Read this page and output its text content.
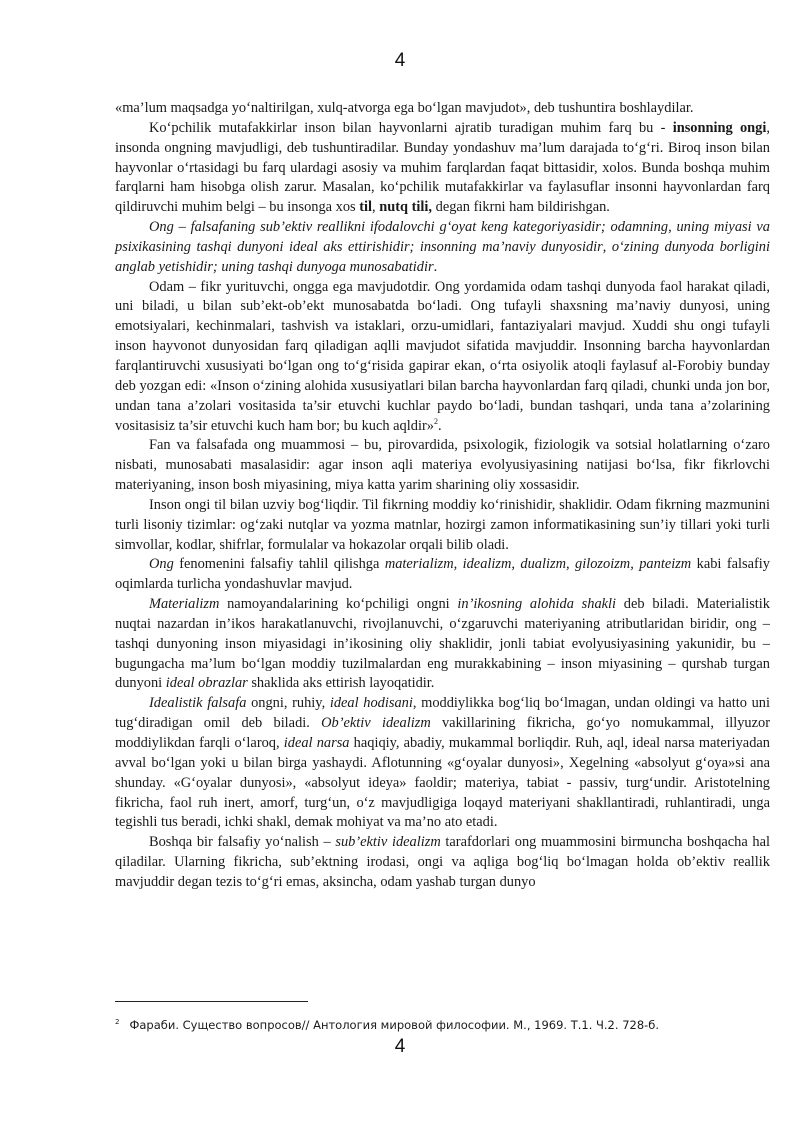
4

«ma’lum maqsadga yo‘naltirilgan, xulq-atvorga ega bo‘lgan mavjudot», deb tushuntira boshlaydilar.

Ko‘pchilik mutafakkirlar inson bilan hayvonlarni ajratib turadigan muhim farq bu - insonning ongi, insonda ongning mavjudligi, deb tushuntiradilar. Bunday yondashuv ma’lum darajada to‘g‘ri. Biroq inson bilan hayvonlar o‘rtasidagi bu farq ulardagi asosiy va muhim farqlardan faqat bittasidir, xolos. Bunda boshqa muhim farqlarni ham hisobga olish zarur. Masalan, ko‘pchilik mutafakkirlar va faylasuflar insonni hayvonlardan farq qildiruvchi muhim belgi – bu insonga xos til, nutq tili, degan fikrni ham bildirishgan.

Ong – falsafaning sub’ektiv reallikni ifodalovchi g‘oyat keng kategoriyasidir; odamning, uning miyasi va psixikasining tashqi dunyoni ideal aks ettirishidir; insonning ma’naviy dunyosidir, o‘zining dunyoda borligini anglab yetishidir; uning tashqi dunyoga munosabatidir.

Odam – fikr yurituvchi, ongga ega mavjudotdir. Ong yordamida odam tashqi dunyoda faol harakat qiladi, uni biladi, u bilan sub’ekt-ob’ekt munosabatda bo‘ladi. Ong tufayli shaxsning ma’naviy dunyosi, uning emotsiyalari, kechinmalari, tashvish va istaklari, orzu-umidlari, fantaziyalari mavjud. Xuddi shu ongi tufayli inson hayvonot dunyosidan farq qiladigan aqlli mavjudot sifatida mavjuddir. Insonning barcha hayvonlardan farqlantiruvchi xususiyati bo‘lgan ong to‘g‘risida gapirar ekan, o‘rta osiyolik atoqli faylasuf al-Forobiy bunday deb yozgan edi: «Inson o‘zining alohida xususiyatlari bilan barcha hayvonlardan farq qiladi, chunki unda jon bor, undan tana a’zolari vositasida ta’sir etuvchi kuchlar paydo bo‘ladi, bundan tashqari, unda tana a’zolarining vositasisiz ta’sir etuvchi kuch ham bor; bu kuch aqldir»$^2$.

Fan va falsafada ong muammosi – bu, pirovardida, psixologik, fiziologik va sotsial holatlarning o‘zaro nisbati, munosabati masalasidir: agar inson aqli materiya evolyusiyasining natijasi bo‘lsa, fikr fikrlovchi materiyaning, inson bosh miyasining, miya katta yarim sharining oliy xossasidir.

Inson ongi til bilan uzviy bog‘liqdir. Til fikrning moddiy ko‘rinishidir, shaklidir. Odam fikrning mazmunini turli lisoniy tizimlar: og‘zaki nutqlar va yozma matnlar, hozirgi zamon informatikasining sun’iy tillari yoki turli simvollar, kodlar, shifrlar, formulalar va hokazolar orqali bilib oladi.

Ong fenomenini falsafiy tahlil qilishga materializm, idealizm, dualizm, gilozoizm, panteizm kabi falsafiy oqimlarda turlicha yondashuvlar mavjud.

Materializm namoyandalarining ko‘pchiligi ongni in’ikosning alohida shakli deb biladi. Materialistik nuqtai nazardan in’ikos harakatlanuvchi, rivojlanuvchi, o‘zgaruvchi materiyaning atributlaridan biridir, ong – tashqi dunyoning inson miyasidagi in’ikosining oliy shaklidir, jonli tabiat evolyusiyasining yakunidir, bu – bugungacha ma’lum bo‘lgan moddiy tuzilmalardan eng murakkabining – inson miyasining – qurshab turgan dunyoni ideal obrazlar shaklida aks ettirish layoqatidir.

Idealistik falsafa ongni, ruhiy, ideal hodisani, moddiylikka bog‘liq bo‘lmagan, undan oldingi va hatto uni tug‘diradigan omil deb biladi. Ob’ektiv idealizm vakillarining fikricha, go‘yo nomukammal, illyuzor moddiylikdan farqli o‘laroq, ideal narsa haqiqiy, abadiy, mukammal borliqdir. Ruh, aql, ideal narsa materiyadan avval bo‘lgan yoki u bilan birga yashaydi. Aflotunning «g‘oyalar dunyosi», Xegelning «absolyut g‘oya»si ana shunday. «G‘oyalar dunyosi», «absolyut ideya» faoldir; materiya, tabiat - passiv, turg‘undir. Aristotelning fikricha, faol ruh inert, amorf, turg‘un, o‘z mavjudligiga loqayd materiyani shakllantiradi, ruhlantiradi, unga tegishli tus beradi, ichki shakl, demak mohiyat va ma’no ato etadi.

Boshqa bir falsafiy yo‘nalish – sub’ektiv idealizm tarafdorlari ong muammosini birmuncha boshqacha hal qiladilar. Ularning fikricha, sub’ektning irodasi, ongi va aqliga bog‘liq bo‘lmagan holda ob’ektiv reallik mavjuddir degan tezis to‘g‘ri emas, aksincha, odam yashab turgan dunyo

$^2$ Фараби. Существо вопросов// Антология мировой философии. М., 1969. Т.1. Ч.2. 728-б.
4
